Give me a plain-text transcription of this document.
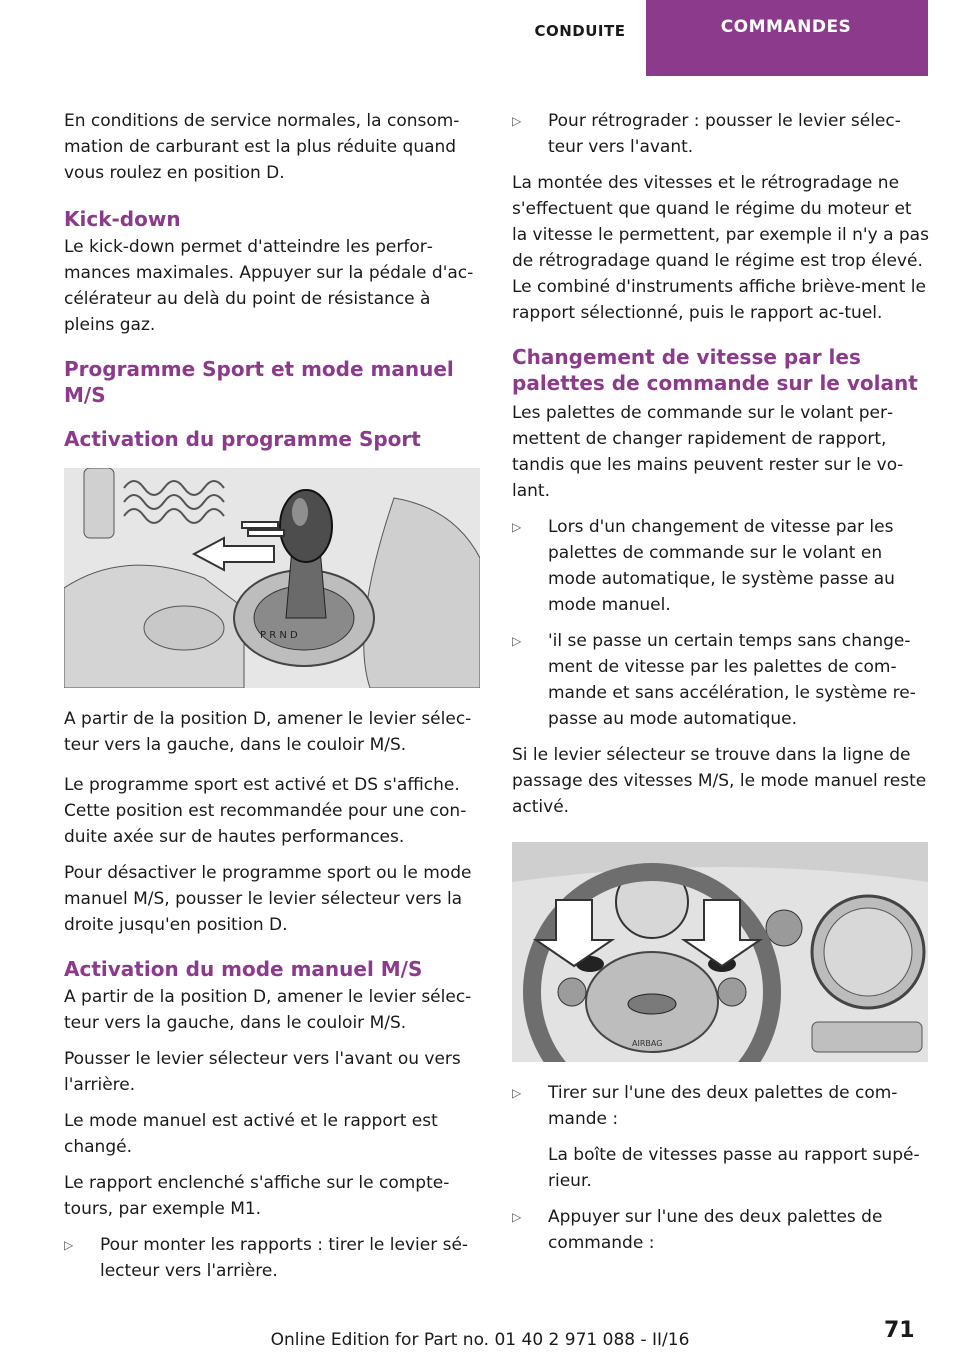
CONDUITE	COMMANDES

En conditions de service normales, la consom‐mation de carburant est la plus réduite quand vous roulez en position D.

Kick-down

Le kick-down permet d'atteindre les perfor‐mances maximales. Appuyer sur la pédale d'ac‐célérateur au delà du point de résistance à pleins gaz.

Programme Sport et mode manuel M/S
Activation du programme Sport
P R N D

A partir de la position D, amener le levier sélec‐teur vers la gauche, dans le couloir M/S.

Le programme sport est activé et DS s'affiche. Cette position est recommandée pour une con‐duite axée sur de hautes performances.

Pour désactiver le programme sport ou le mode manuel M/S, pousser le levier sélecteur vers la droite jusqu'en position D.

Activation du mode manuel M/S

A partir de la position D, amener le levier sélec‐teur vers la gauche, dans le couloir M/S.

Pousser le levier sélecteur vers l'avant ou vers l'arrière.

Le mode manuel est activé et le rapport est changé.

Le rapport enclenché s'affiche sur le compte-tours, par exemple M1.

▷ Pour monter les rapports : tirer le levier sé‐lecteur vers l'arrière.

▷ Pour rétrograder : pousser le levier sélec‐teur vers l'avant.

La montée des vitesses et le rétrogradage ne s'effectuent que quand le régime du moteur et la vitesse le permettent, par exemple il n'y a pas de rétrogradage quand le régime est trop élevé. Le combiné d'instruments affiche briève‐ment le rapport sélectionné, puis le rapport ac‐tuel.

Changement de vitesse par les palettes de commande sur le volant

Les palettes de commande sur le volant per‐mettent de changer rapidement de rapport, tandis que les mains peuvent rester sur le vo‐lant.

▷ Lors d'un changement de vitesse par les palettes de commande sur le volant en mode automatique, le système passe au mode manuel.

▷ 'il se passe un certain temps sans change‐ment de vitesse par les palettes de com‐mande et sans accélération, le système re‐passe au mode automatique.

Si le levier sélecteur se trouve dans la ligne de passage des vitesses M/S, le mode manuel reste activé.

AIRBAG

▷ Tirer sur l'une des deux palettes de com‐mande :

La boîte de vitesses passe au rapport supé‐rieur.

▷ Appuyer sur l'une des deux palettes de commande :

71
Online Edition for Part no. 01 40 2 971 088 - II/16
